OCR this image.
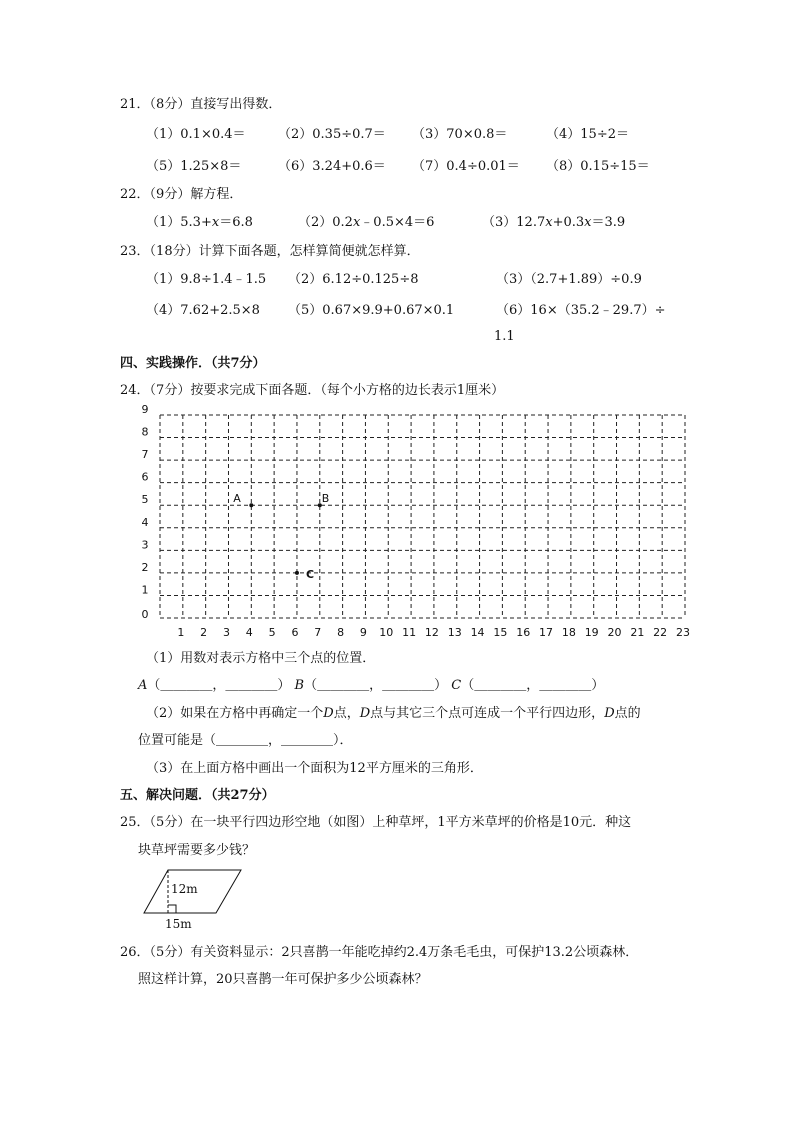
21．（8分）直接写出得数．
（1）0.1×0.4＝ （2）0.35÷0.7＝ （3）70×0.8＝	（4）15÷2＝
（5）1.25×8＝	（6）3.24+0.6＝ （7）0.4÷0.01＝ （8）0.15÷15＝
22．（9分）解方程．
（1）5.3+x＝6.8	（2）0.2x﹣0.5×4＝6	（3）12.7x+0.3x＝3.9
23．（18分）计算下面各题，怎样算简便就怎样算．
（1）9.8÷1.4﹣1.5 （2）6.12÷0.125÷8	（3）（2.7+1.89）÷0.9
（4）7.62+2.5×8 （5）0.67×9.9+0.67×0.1	（6）16×（35.2﹣29.7）÷
1.1
四、实践操作．（共7分）
24．（7分）按要求完成下面各题．（每个小方格的边长表示1厘米）
1 2 3 4 5 6 7 8 9 10 11 12 13 14 15 16 17 18 19 20 21 22 23
0
1
2
3
4
5
6
7
8
9
A	B
C
（1）用数对表示方格中三个点的位置．
A（＿＿＿＿，＿＿＿＿） B（＿＿＿＿，＿＿＿＿） C（＿＿＿＿，＿＿＿＿）
（2）如果在方格中再确定一个D点，D点与其它三个点可连成一个平行四边形，D点的
位置可能是（＿＿＿＿，＿＿＿＿）．
（3）在上面方格中画出一个面积为12平方厘米的三角形．
五、解决问题．（共27分）
25．（5分）在一块平行四边形空地（如图）上种草坪，1平方米草坪的价格是10元．种这
块草坪需要多少钱？
12m
15m
26．（5分）有关资料显示：2只喜鹊一年能吃掉约2.4万条毛毛虫，可保护13.2公顷森林．
照这样计算，20只喜鹊一年可保护多少公顷森林？
